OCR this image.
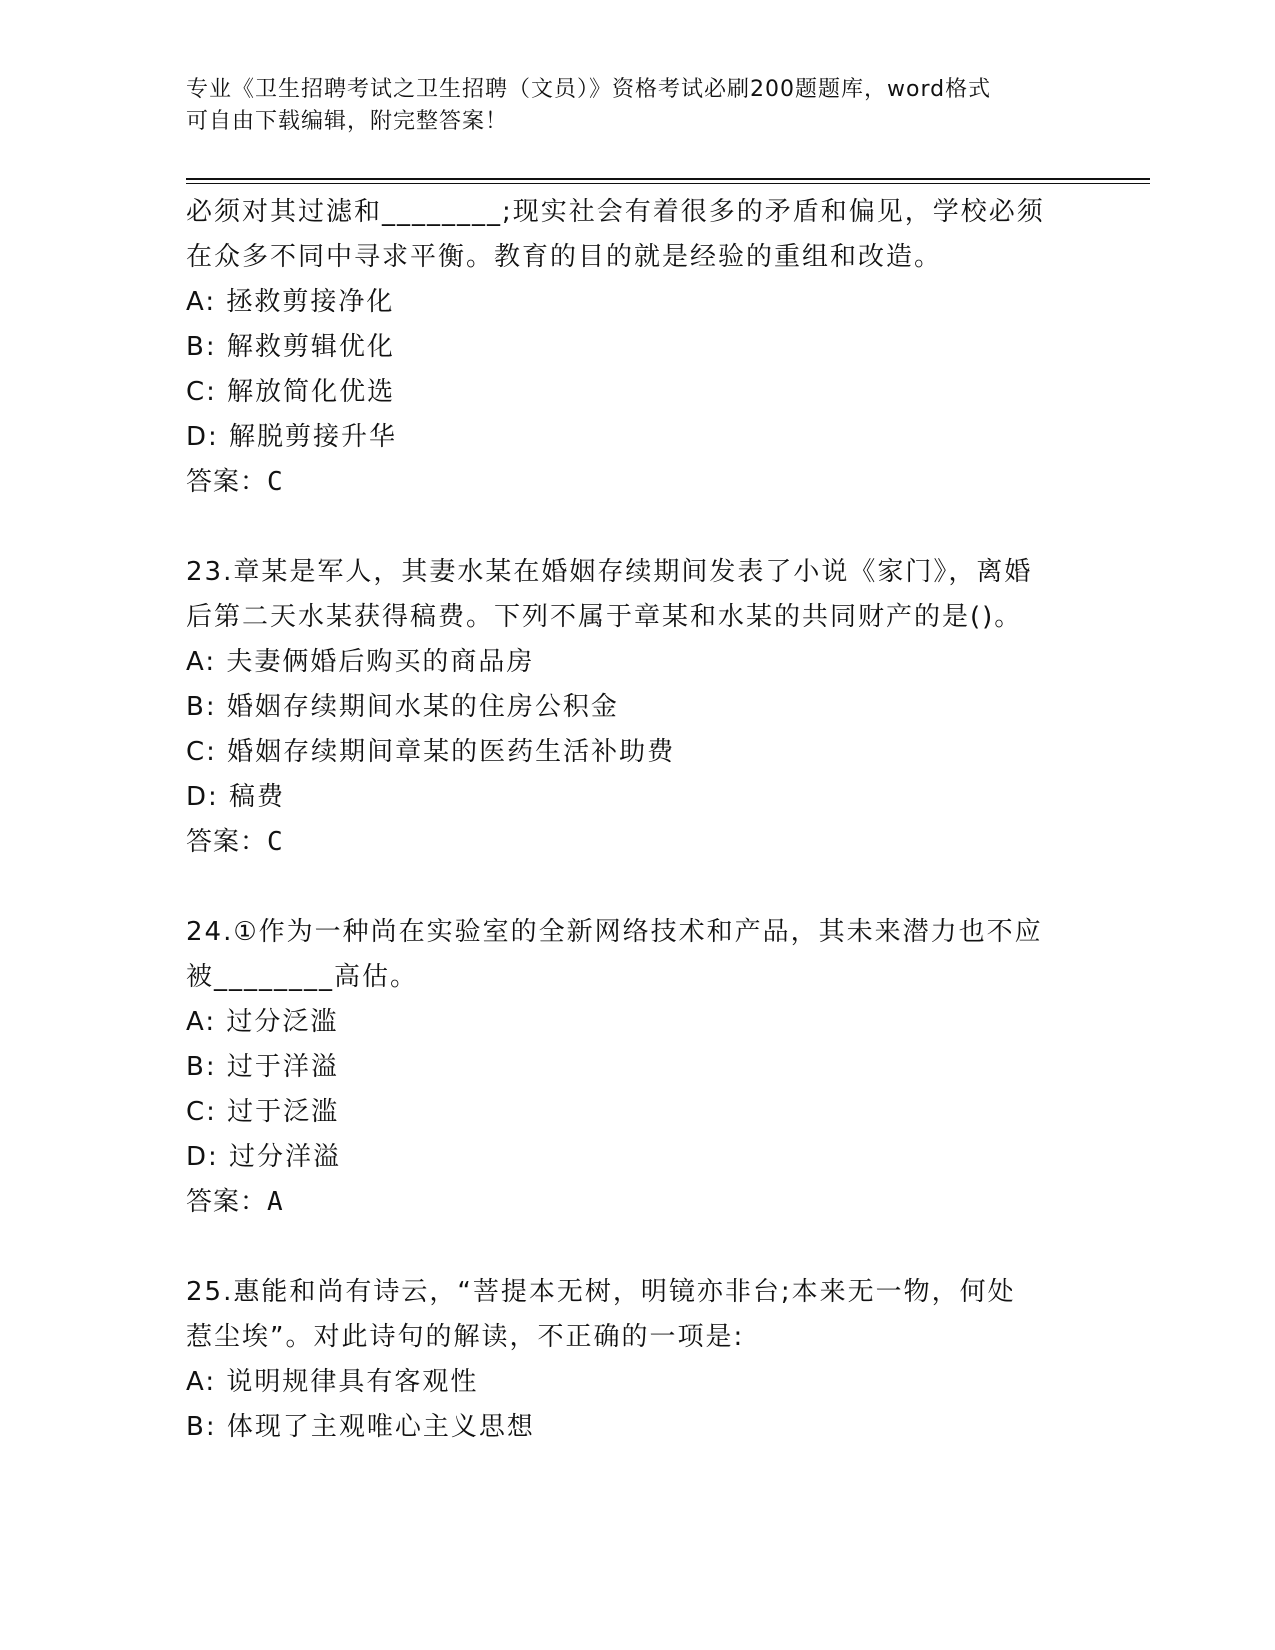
专业《卫生招聘考试之卫生招聘（文员）》资格考试必刷200题题库，word格式
可自由下载编辑，附完整答案！
必须对其过滤和________;现实社会有着很多的矛盾和偏见，学校必须
在众多不同中寻求平衡。教育的目的就是经验的重组和改造。
A: 拯救剪接净化
B: 解救剪辑优化
C: 解放简化优选
D: 解脱剪接升华
答案：C
23.章某是军人，其妻水某在婚姻存续期间发表了小说《家门》，离婚
后第二天水某获得稿费。下列不属于章某和水某的共同财产的是()。
A: 夫妻俩婚后购买的商品房
B: 婚姻存续期间水某的住房公积金
C: 婚姻存续期间章某的医药生活补助费
D: 稿费
答案：C
24.①作为一种尚在实验室的全新网络技术和产品，其未来潜力也不应
被________高估。
A: 过分泛滥
B: 过于洋溢
C: 过于泛滥
D: 过分洋溢
答案：A
25.惠能和尚有诗云，“菩提本无树，明镜亦非台;本来无一物，何处
惹尘埃”。对此诗句的解读，不正确的一项是:
A: 说明规律具有客观性
B: 体现了主观唯心主义思想
